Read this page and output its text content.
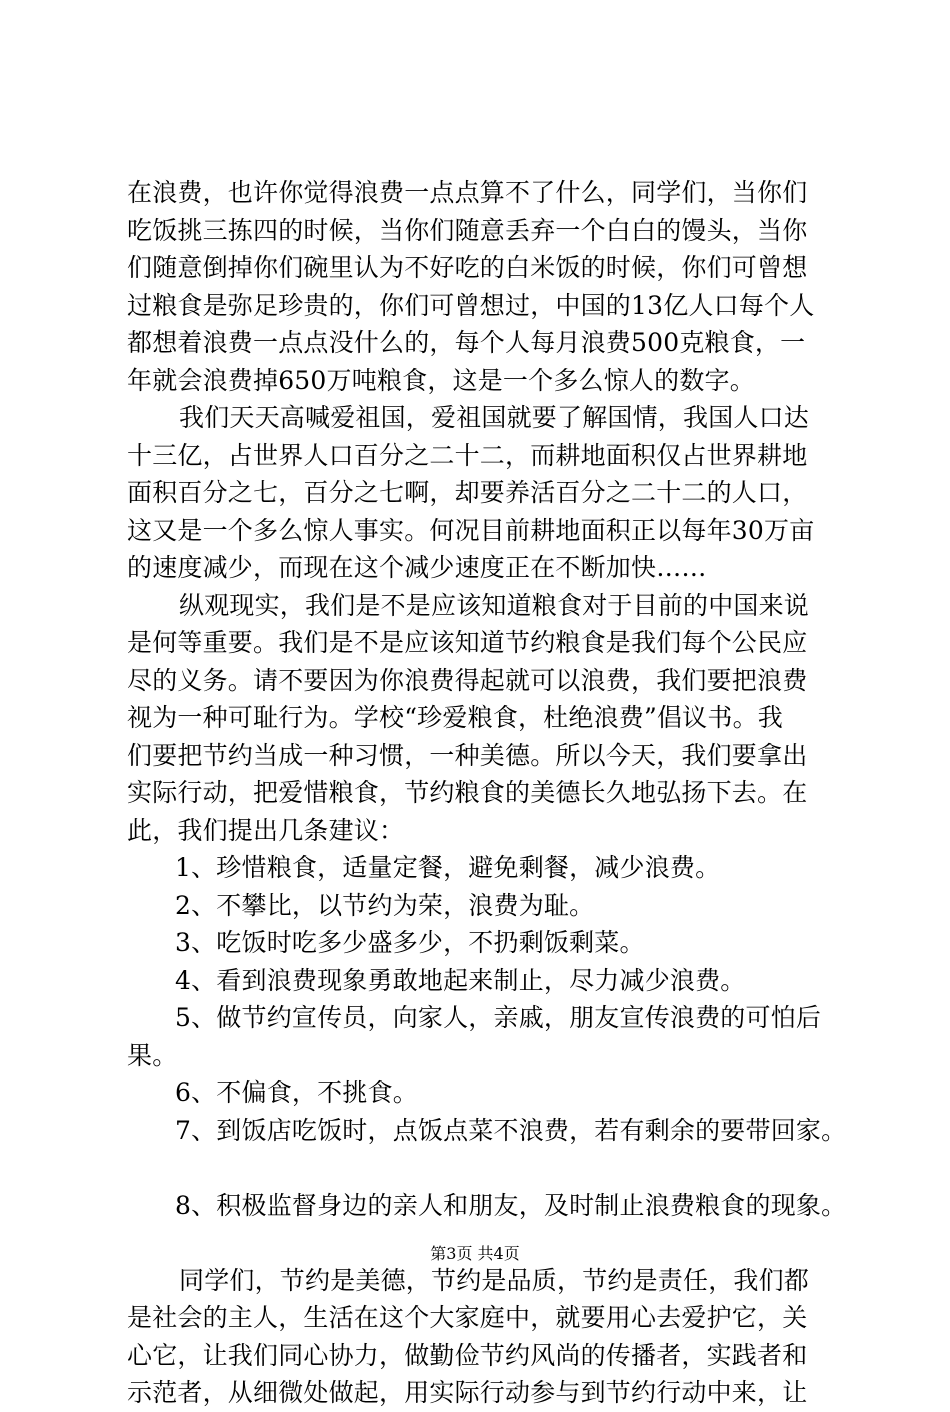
在浪费，也许你觉得浪费一点点算不了什么，同学们，当你们
吃饭挑三拣四的时候，当你们随意丢弃一个白白的馒头，当你
们随意倒掉你们碗里认为不好吃的白米饭的时候，你们可曾想
过粮食是弥足珍贵的，你们可曾想过，中国的13亿人口每个人
都想着浪费一点点没什么的，每个人每月浪费500克粮食，一
年就会浪费掉650万吨粮食，这是一个多么惊人的数字。
我们天天高喊爱祖国，爱祖国就要了解国情，我国人口达
十三亿，占世界人口百分之二十二，而耕地面积仅占世界耕地
面积百分之七，百分之七啊，却要养活百分之二十二的人口，
这又是一个多么惊人事实。何况目前耕地面积正以每年30万亩
的速度减少，而现在这个减少速度正在不断加快……
纵观现实，我们是不是应该知道粮食对于目前的中国来说
是何等重要。我们是不是应该知道节约粮食是我们每个公民应
尽的义务。请不要因为你浪费得起就可以浪费，我们要把浪费
视为一种可耻行为。学校“珍爱粮食，杜绝浪费”倡议书。我
们要把节约当成一种习惯，一种美德。所以今天，我们要拿出
实际行动，把爱惜粮食，节约粮食的美德长久地弘扬下去。在
此，我们提出几条建议：
1、珍惜粮食，适量定餐，避免剩餐，减少浪费。
2、不攀比，以节约为荣，浪费为耻。
3、吃饭时吃多少盛多少，不扔剩饭剩菜。
4、看到浪费现象勇敢地起来制止，尽力减少浪费。
5、做节约宣传员，向家人，亲戚，朋友宣传浪费的可怕后
果。
6、不偏食，不挑食。
7、到饭店吃饭时，点饭点菜不浪费，若有剩余的要带回家。
8、积极监督身边的亲人和朋友，及时制止浪费粮食的现象。
同学们，节约是美德，节约是品质，节约是责任，我们都
是社会的主人，生活在这个大家庭中，就要用心去爱护它，关
心它，让我们同心协力，做勤俭节约风尚的传播者，实践者和
示范者，从细微处做起，用实际行动参与到节约行动中来，让
第3页 共4页
